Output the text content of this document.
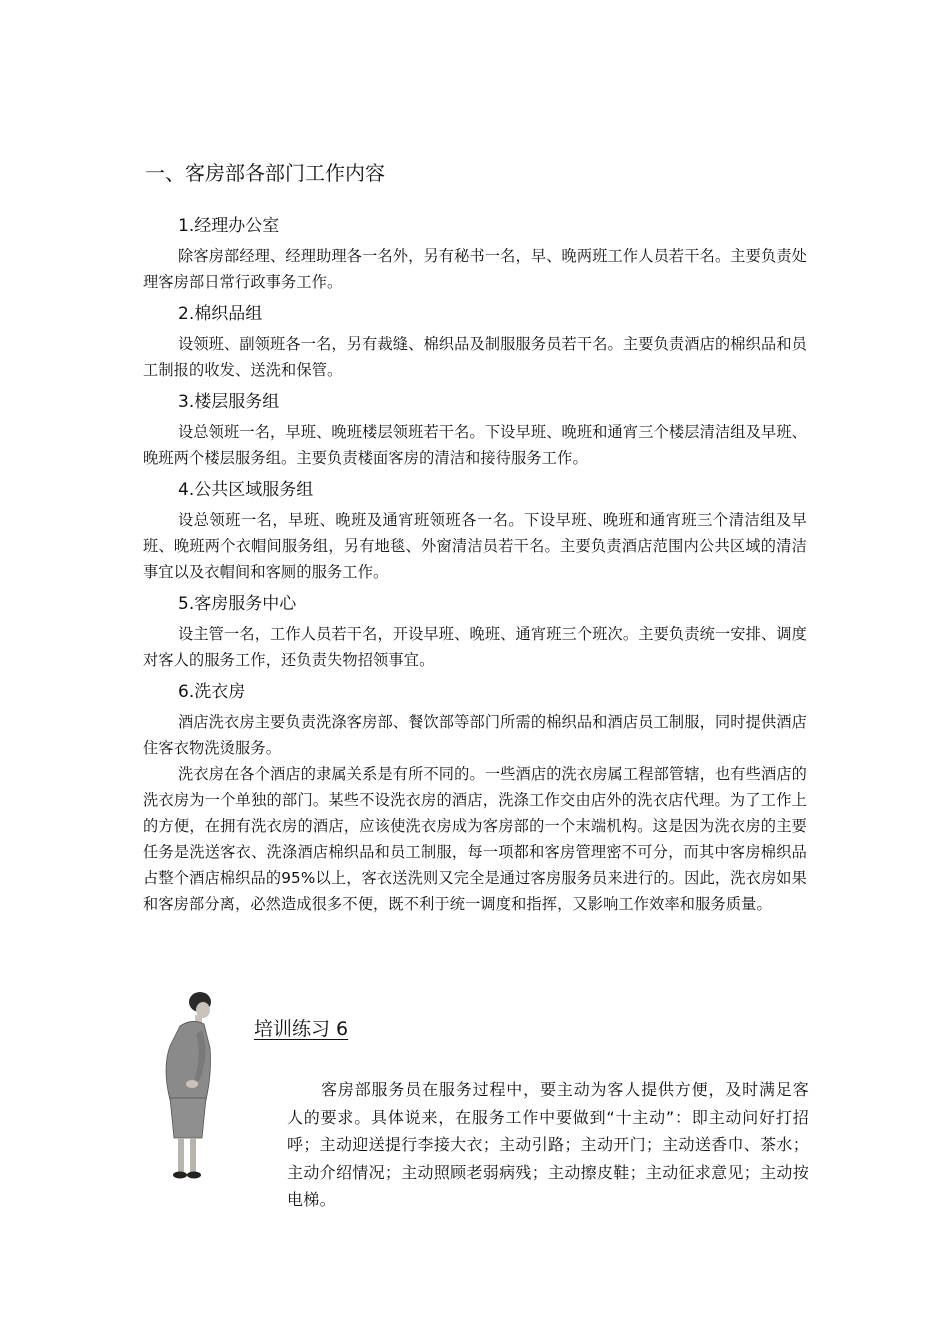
一、客房部各部门工作内容
1.经理办公室

除客房部经理、经理助理各一名外，另有秘书一名，早、晚两班工作人员若干名。主要负责处理客房部日常行政事务工作。

2.棉织品组

设领班、副领班各一名，另有裁缝、棉织品及制服服务员若干名。主要负责酒店的棉织品和员工制报的收发、送洗和保管。

3.楼层服务组

设总领班一名，早班、晚班楼层领班若干名。下设早班、晚班和通宵三个楼层清洁组及早班、晚班两个楼层服务组。主要负责楼面客房的清洁和接待服务工作。

4.公共区域服务组

设总领班一名，早班、晚班及通宵班领班各一名。下设早班、晚班和通宵班三个清洁组及早班、晚班两个衣帽间服务组，另有地毯、外窗清洁员若干名。主要负责酒店范围内公共区域的清洁事宜以及衣帽间和客厕的服务工作。

5.客房服务中心

设主管一名，工作人员若干名，开设早班、晚班、通宵班三个班次。主要负责统一安排、调度对客人的服务工作，还负责失物招领事宜。

6.洗衣房

酒店洗衣房主要负责洗涤客房部、餐饮部等部门所需的棉织品和酒店员工制服，同时提供酒店住客衣物洗烫服务。

洗衣房在各个酒店的隶属关系是有所不同的。一些酒店的洗衣房属工程部管辖，也有些酒店的洗衣房为一个单独的部门。某些不设洗衣房的酒店，洗涤工作交由店外的洗衣店代理。为了工作上的方便，在拥有洗衣房的酒店，应该使洗衣房成为客房部的一个末端机构。这是因为洗衣房的主要任务是洗送客衣、洗涤酒店棉织品和员工制服，每一项都和客房管理密不可分，而其中客房棉织品占整个酒店棉织品的95%以上，客衣送洗则又完全是通过客房服务员来进行的。因此，洗衣房如果和客房部分离，必然造成很多不便，既不利于统一调度和指挥，又影响工作效率和服务质量。

培训练习 6

客房部服务员在服务过程中，要主动为客人提供方便，及时满足客人的要求。具体说来，在服务工作中要做到“十主动”：即主动问好打招呼；主动迎送提行李接大衣；主动引路；主动开门；主动送香巾、茶水；主动介绍情况；主动照顾老弱病残；主动擦皮鞋；主动征求意见；主动按电梯。
